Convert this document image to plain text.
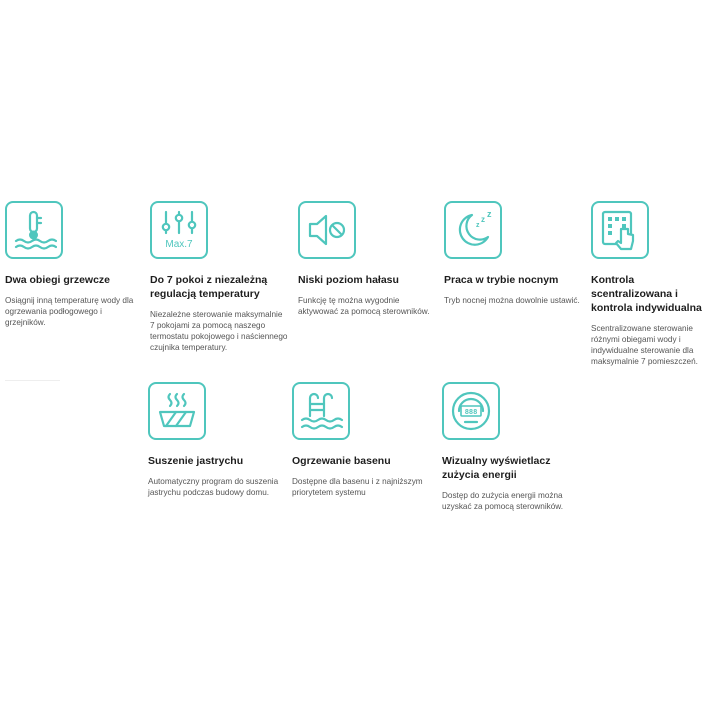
Dwa obiegi grzewcze
Osiągnij inną temperaturę wody dla ogrzewania podłogowego i grzejników.
Max.7
Do 7 pokoi z niezależną regulacją temperatury
Niezależne sterowanie maksymalnie 7 pokojami za pomocą naszego termostatu pokojowego i naściennego czujnika temperatury.
Niski poziom hałasu
Funkcję tę można wygodnie aktywować za pomocą sterowników.
z
z
z
Praca w trybie nocnym
Tryb nocnej można dowolnie ustawić.
Kontrola scentralizowana i kontrola indywidualna
Scentralizowane sterowanie różnymi obiegami wody i indywidualne sterowanie dla maksymalnie 7 pomieszczeń.
Suszenie jastrychu
Automatyczny program do suszenia jastrychu podczas budowy domu.
Ogrzewanie basenu
Dostępne dla basenu i z najniższym priorytetem systemu
888
Wizualny wyświetlacz zużycia energii
Dostęp do zużycia energii można uzyskać za pomocą sterowników.
